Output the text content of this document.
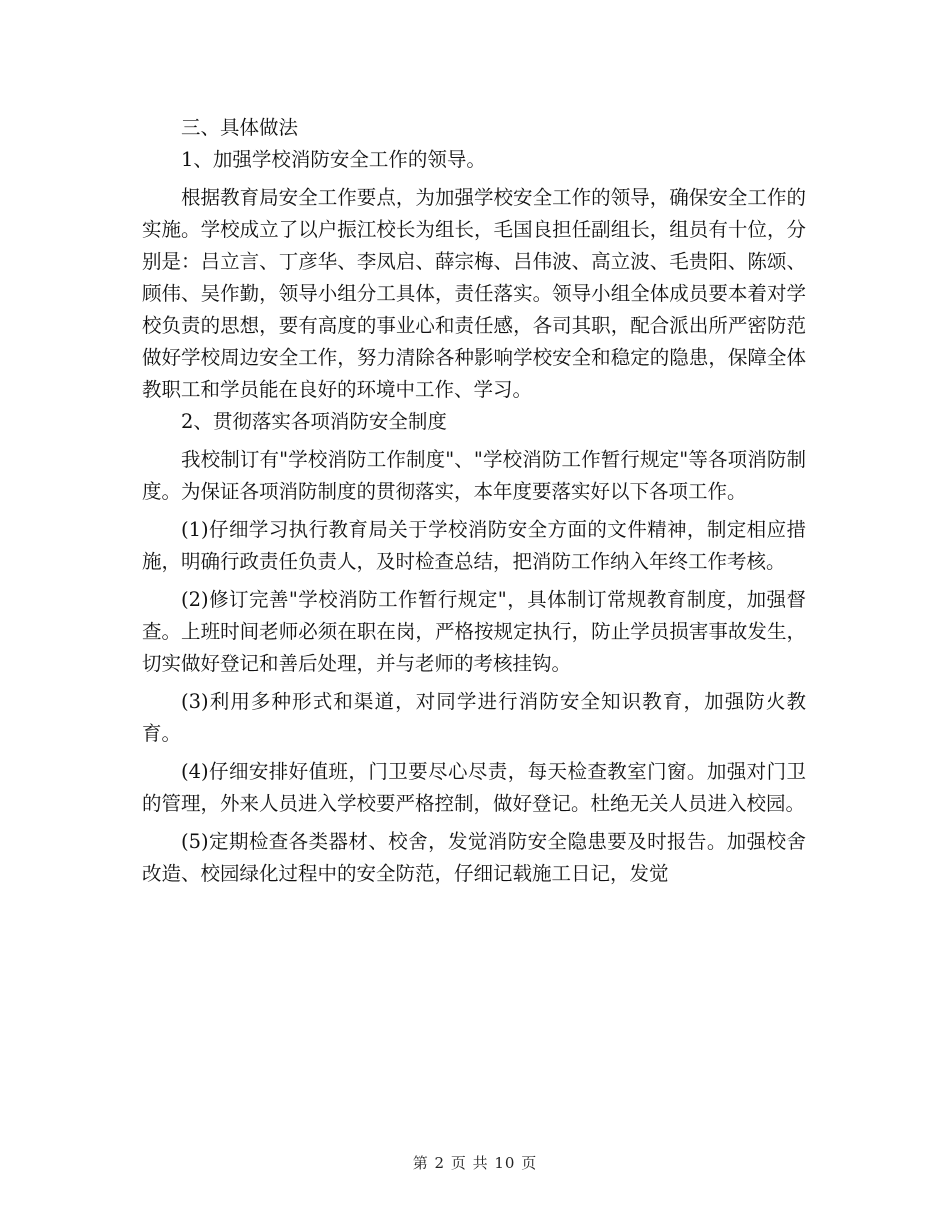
三、具体做法

1、加强学校消防安全工作的领导。

根据教育局安全工作要点，为加强学校安全工作的领导，确保安全工作的实施。学校成立了以户振江校长为组长，毛国良担任副组长，组员有十位，分别是：吕立言、丁彦华、李凤启、薛宗梅、吕伟波、高立波、毛贵阳、陈颂、顾伟、吴作勤，领导小组分工具体，责任落实。领导小组全体成员要本着对学校负责的思想，要有高度的事业心和责任感，各司其职，配合派出所严密防范做好学校周边安全工作，努力清除各种影响学校安全和稳定的隐患，保障全体教职工和学员能在良好的环境中工作、学习。

2、贯彻落实各项消防安全制度

我校制订有"学校消防工作制度"、"学校消防工作暂行规定"等各项消防制度。为保证各项消防制度的贯彻落实，本年度要落实好以下各项工作。

(1)仔细学习执行教育局关于学校消防安全方面的文件精神，制定相应措施，明确行政责任负责人，及时检查总结，把消防工作纳入年终工作考核。

(2)修订完善"学校消防工作暂行规定"，具体制订常规教育制度，加强督查。上班时间老师必须在职在岗，严格按规定执行，防止学员损害事故发生，切实做好登记和善后处理，并与老师的考核挂钩。

(3)利用多种形式和渠道，对同学进行消防安全知识教育，加强防火教育。

(4)仔细安排好值班，门卫要尽心尽责，每天检查教室门窗。加强对门卫的管理，外来人员进入学校要严格控制，做好登记。杜绝无关人员进入校园。

(5)定期检查各类器材、校舍，发觉消防安全隐患要及时报告。加强校舍改造、校园绿化过程中的安全防范，仔细记载施工日记，发觉

第 2 页 共 10 页
